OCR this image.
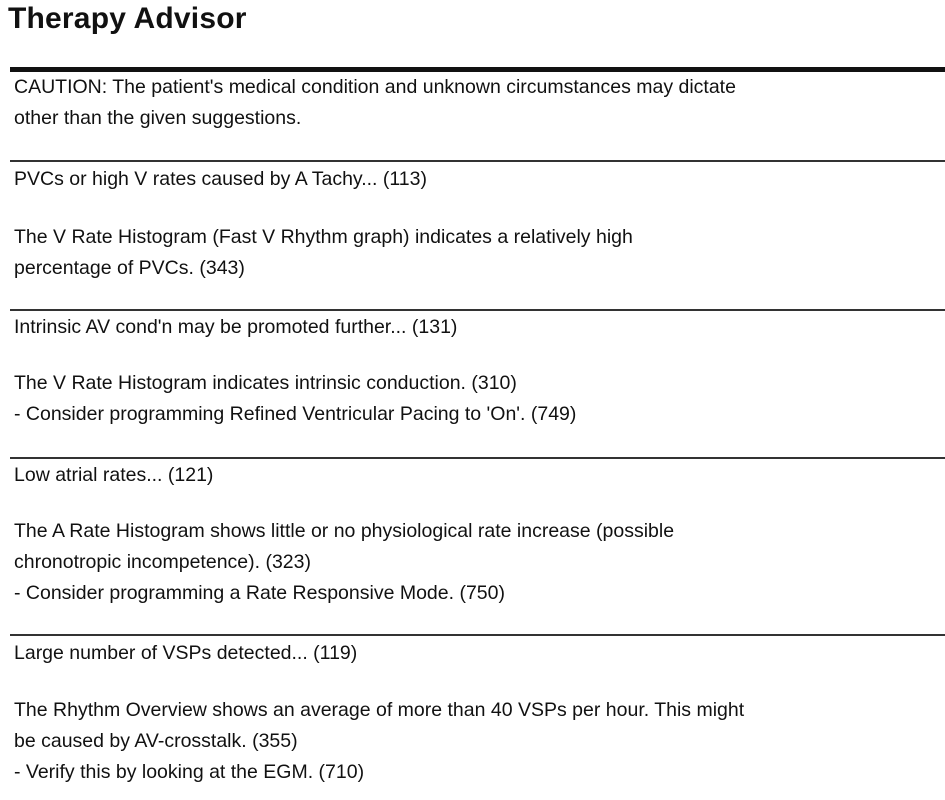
Therapy Advisor

CAUTION: The patient's medical condition and unknown circumstances may dictate

other than the given suggestions.

PVCs or high V rates caused by A Tachy... (113)

The V Rate Histogram (Fast V Rhythm graph) indicates a relatively high

percentage of PVCs. (343)

Intrinsic AV cond'n may be promoted further... (131)

The V Rate Histogram indicates intrinsic conduction. (310)

- Consider programming Refined Ventricular Pacing to 'On'. (749)

Low atrial rates... (121)

The A Rate Histogram shows little or no physiological rate increase (possible

chronotropic incompetence). (323)

- Consider programming a Rate Responsive Mode. (750)

Large number of VSPs detected... (119)

The Rhythm Overview shows an average of more than 40 VSPs per hour. This might

be caused by AV-crosstalk. (355)

- Verify this by looking at the EGM. (710)
